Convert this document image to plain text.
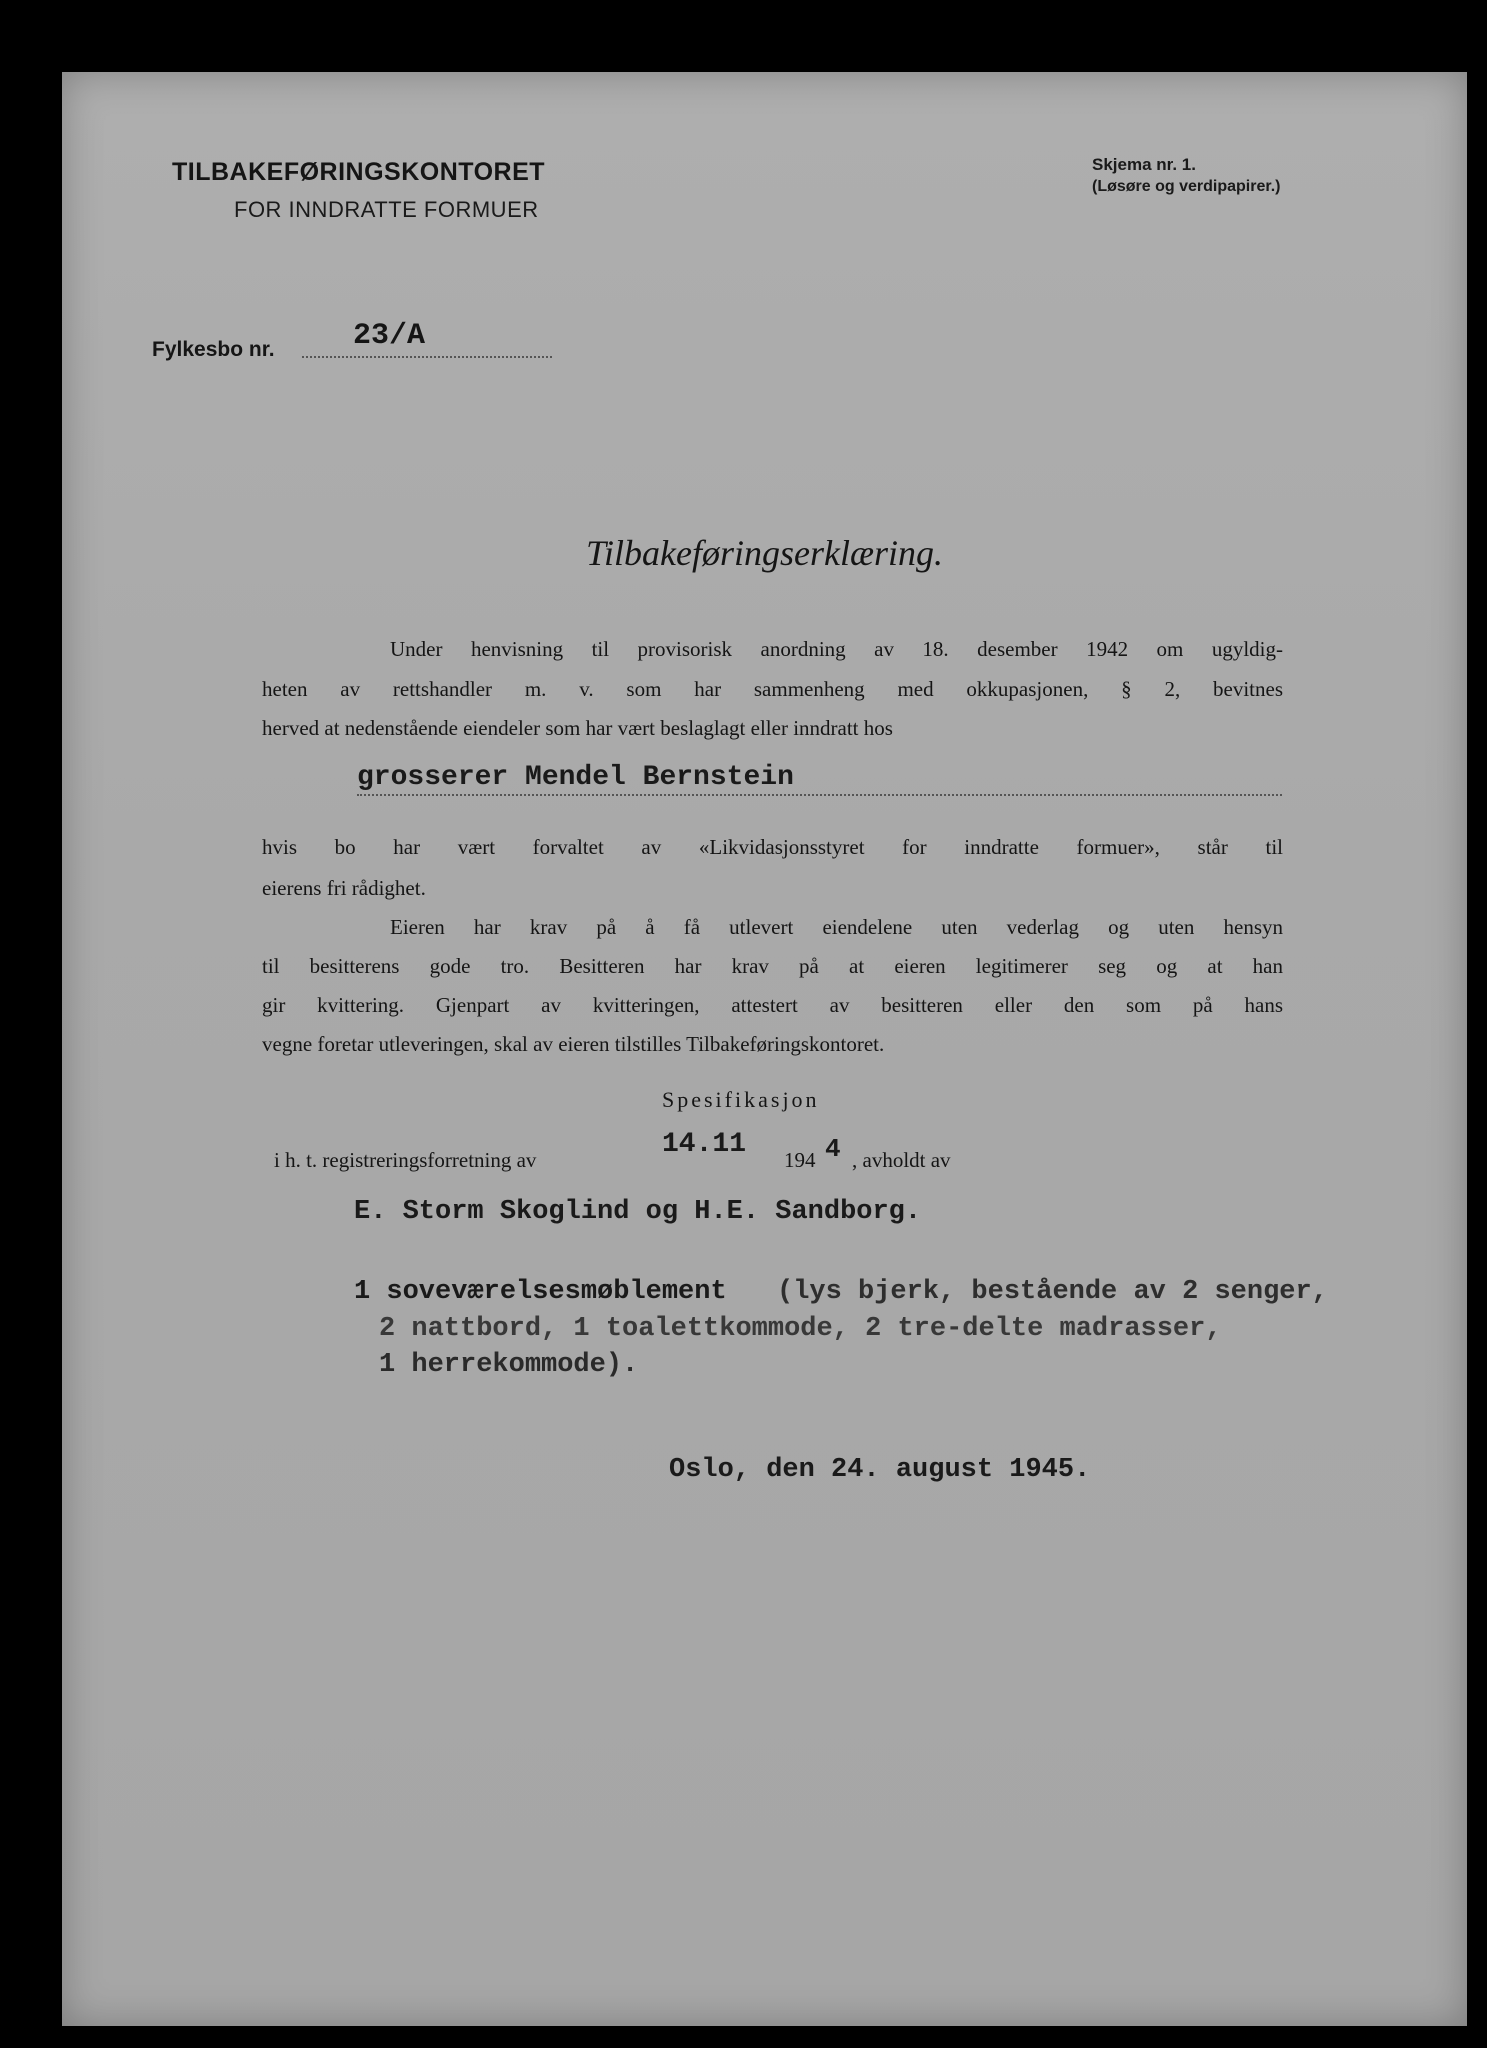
TILBAKEFØRINGSKONTORET
FOR INNDRATTE FORMUER
Skjema nr. 1.
(Løsøre og verdipapirer.)
Fylkesbo nr.	23/A
Tilbakeføringserklæring.
Under henvisning til provisorisk anordning av 18. desember 1942 om ugyldig-
heten av rettshandler m. v. som har sammenheng med okkupasjonen, § 2, bevitnes
herved at nedenstående eiendeler som har vært beslaglagt eller inndratt hos
grosserer Mendel Bernstein
hvis bo har vært forvaltet av «Likvidasjonsstyret for inndratte formuer», står til
eierens fri rådighet.
Eieren har krav på å få utlevert eiendelene uten vederlag og uten hensyn
til besitterens gode tro. Besitteren har krav på at eieren legitimerer seg og at han
gir kvittering. Gjenpart av kvitteringen, attestert av besitteren eller den som på hans
vegne foretar utleveringen, skal av eieren tilstilles Tilbakeføringskontoret.
Spesifikasjon
i h. t. registreringsforretning av	14.11 194 4 , avholdt av
E. Storm Skoglind og H.E. Sandborg.
1 soveværelsesmøblement (lys bjerk, bestående av 2 senger,
2 nattbord, 1 toalettkommode, 2 tre-delte madrasser,
1 herrekommode).
Oslo, den 24. august 1945.
